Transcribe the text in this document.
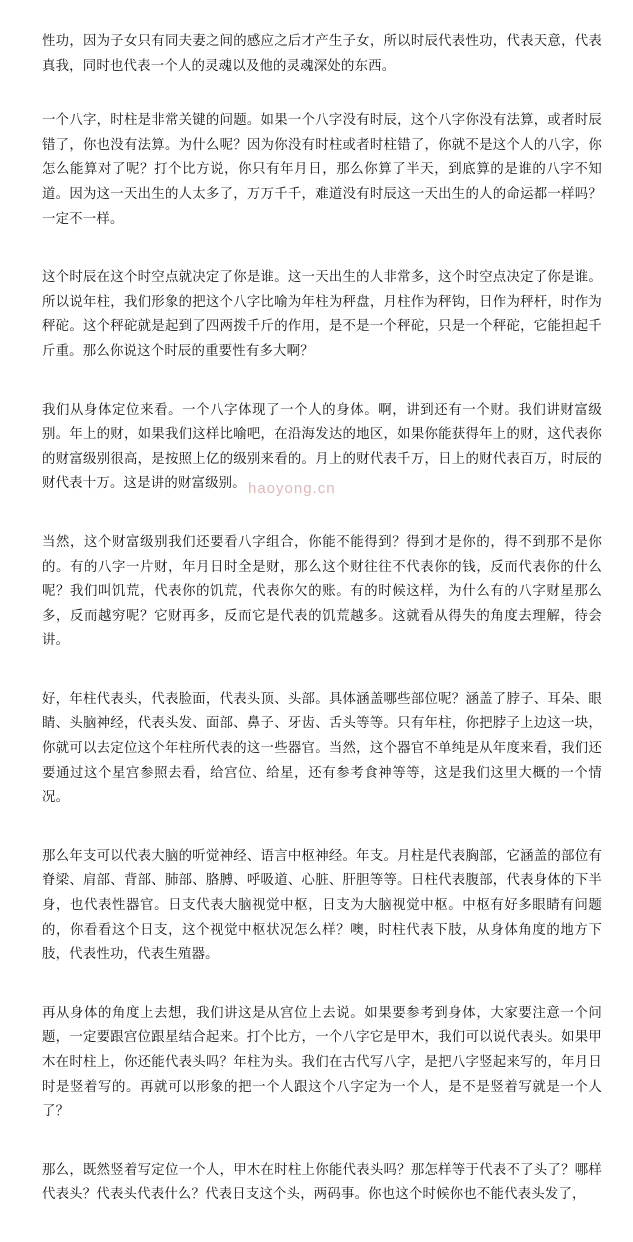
性功，因为子女只有同夫妻之间的感应之后才产生子女，所以时辰代表性功，代表天意，代表真我，同时也代表一个人的灵魂以及他的灵魂深处的东西。

一个八字，时柱是非常关键的问题。如果一个八字没有时辰，这个八字你没有法算，或者时辰错了，你也没有法算。为什么呢？因为你没有时柱或者时柱错了，你就不是这个人的八字，你怎么能算对了呢？打个比方说，你只有年月日，那么你算了半天，到底算的是谁的八字不知道。因为这一天出生的人太多了，万万千千，难道没有时辰这一天出生的人的命运都一样吗？一定不一样。

这个时辰在这个时空点就决定了你是谁。这一天出生的人非常多，这个时空点决定了你是谁。所以说年柱，我们形象的把这个八字比喻为年柱为秤盘，月柱作为秤钩，日作为秤杆，时作为秤砣。这个秤砣就是起到了四两拨千斤的作用，是不是一个秤砣，只是一个秤砣，它能担起千斤重。那么你说这个时辰的重要性有多大啊？

我们从身体定位来看。一个八字体现了一个人的身体。啊，讲到还有一个财。我们讲财富级别。年上的财，如果我们这样比喻吧，在沿海发达的地区，如果你能获得年上的财，这代表你的财富级别很高，是按照上亿的级别来看的。月上的财代表千万，日上的财代表百万，时辰的财代表十万。这是讲的财富级别。

当然，这个财富级别我们还要看八字组合，你能不能得到？得到才是你的，得不到那不是你的。有的八字一片财，年月日时全是财，那么这个财往往不代表你的钱，反而代表你的什么呢？我们叫饥荒，代表你的饥荒，代表你欠的账。有的时候这样，为什么有的八字财星那么多，反而越穷呢？它财再多，反而它是代表的饥荒越多。这就看从得失的角度去理解，待会讲。

好，年柱代表头，代表脸面，代表头顶、头部。具体涵盖哪些部位呢？涵盖了脖子、耳朵、眼睛、头脑神经，代表头发、面部、鼻子、牙齿、舌头等等。只有年柱，你把脖子上边这一块，你就可以去定位这个年柱所代表的这一些器官。当然，这个器官不单纯是从年度来看，我们还要通过这个星宫参照去看，给宫位、给星，还有参考食神等等，这是我们这里大概的一个情况。

那么年支可以代表大脑的听觉神经、语言中枢神经。年支。月柱是代表胸部，它涵盖的部位有脊梁、肩部、背部、肺部、胳膊、呼吸道、心脏、肝胆等等。日柱代表腹部，代表身体的下半身，也代表性器官。日支代表大脑视觉中枢，日支为大脑视觉中枢。中枢有好多眼睛有问题的，你看看这个日支，这个视觉中枢状况怎么样？噢，时柱代表下肢，从身体角度的地方下肢，代表性功，代表生殖器。

再从身体的角度上去想，我们讲这是从宫位上去说。如果要参考到身体，大家要注意一个问题，一定要跟宫位跟星结合起来。打个比方，一个八字它是甲木，我们可以说代表头。如果甲木在时柱上，你还能代表头吗？年柱为头。我们在古代写八字，是把八字竖起来写的，年月日时是竖着写的。再就可以形象的把一个人跟这个八字定为一个人，是不是竖着写就是一个人了？

那么，既然竖着写定位一个人，甲木在时柱上你能代表头吗？那怎样等于代表不了头了？哪样代表头？代表头代表什么？代表日支这个头，两码事。你也这个时候你也不能代表头发了，

haoyong.cn
